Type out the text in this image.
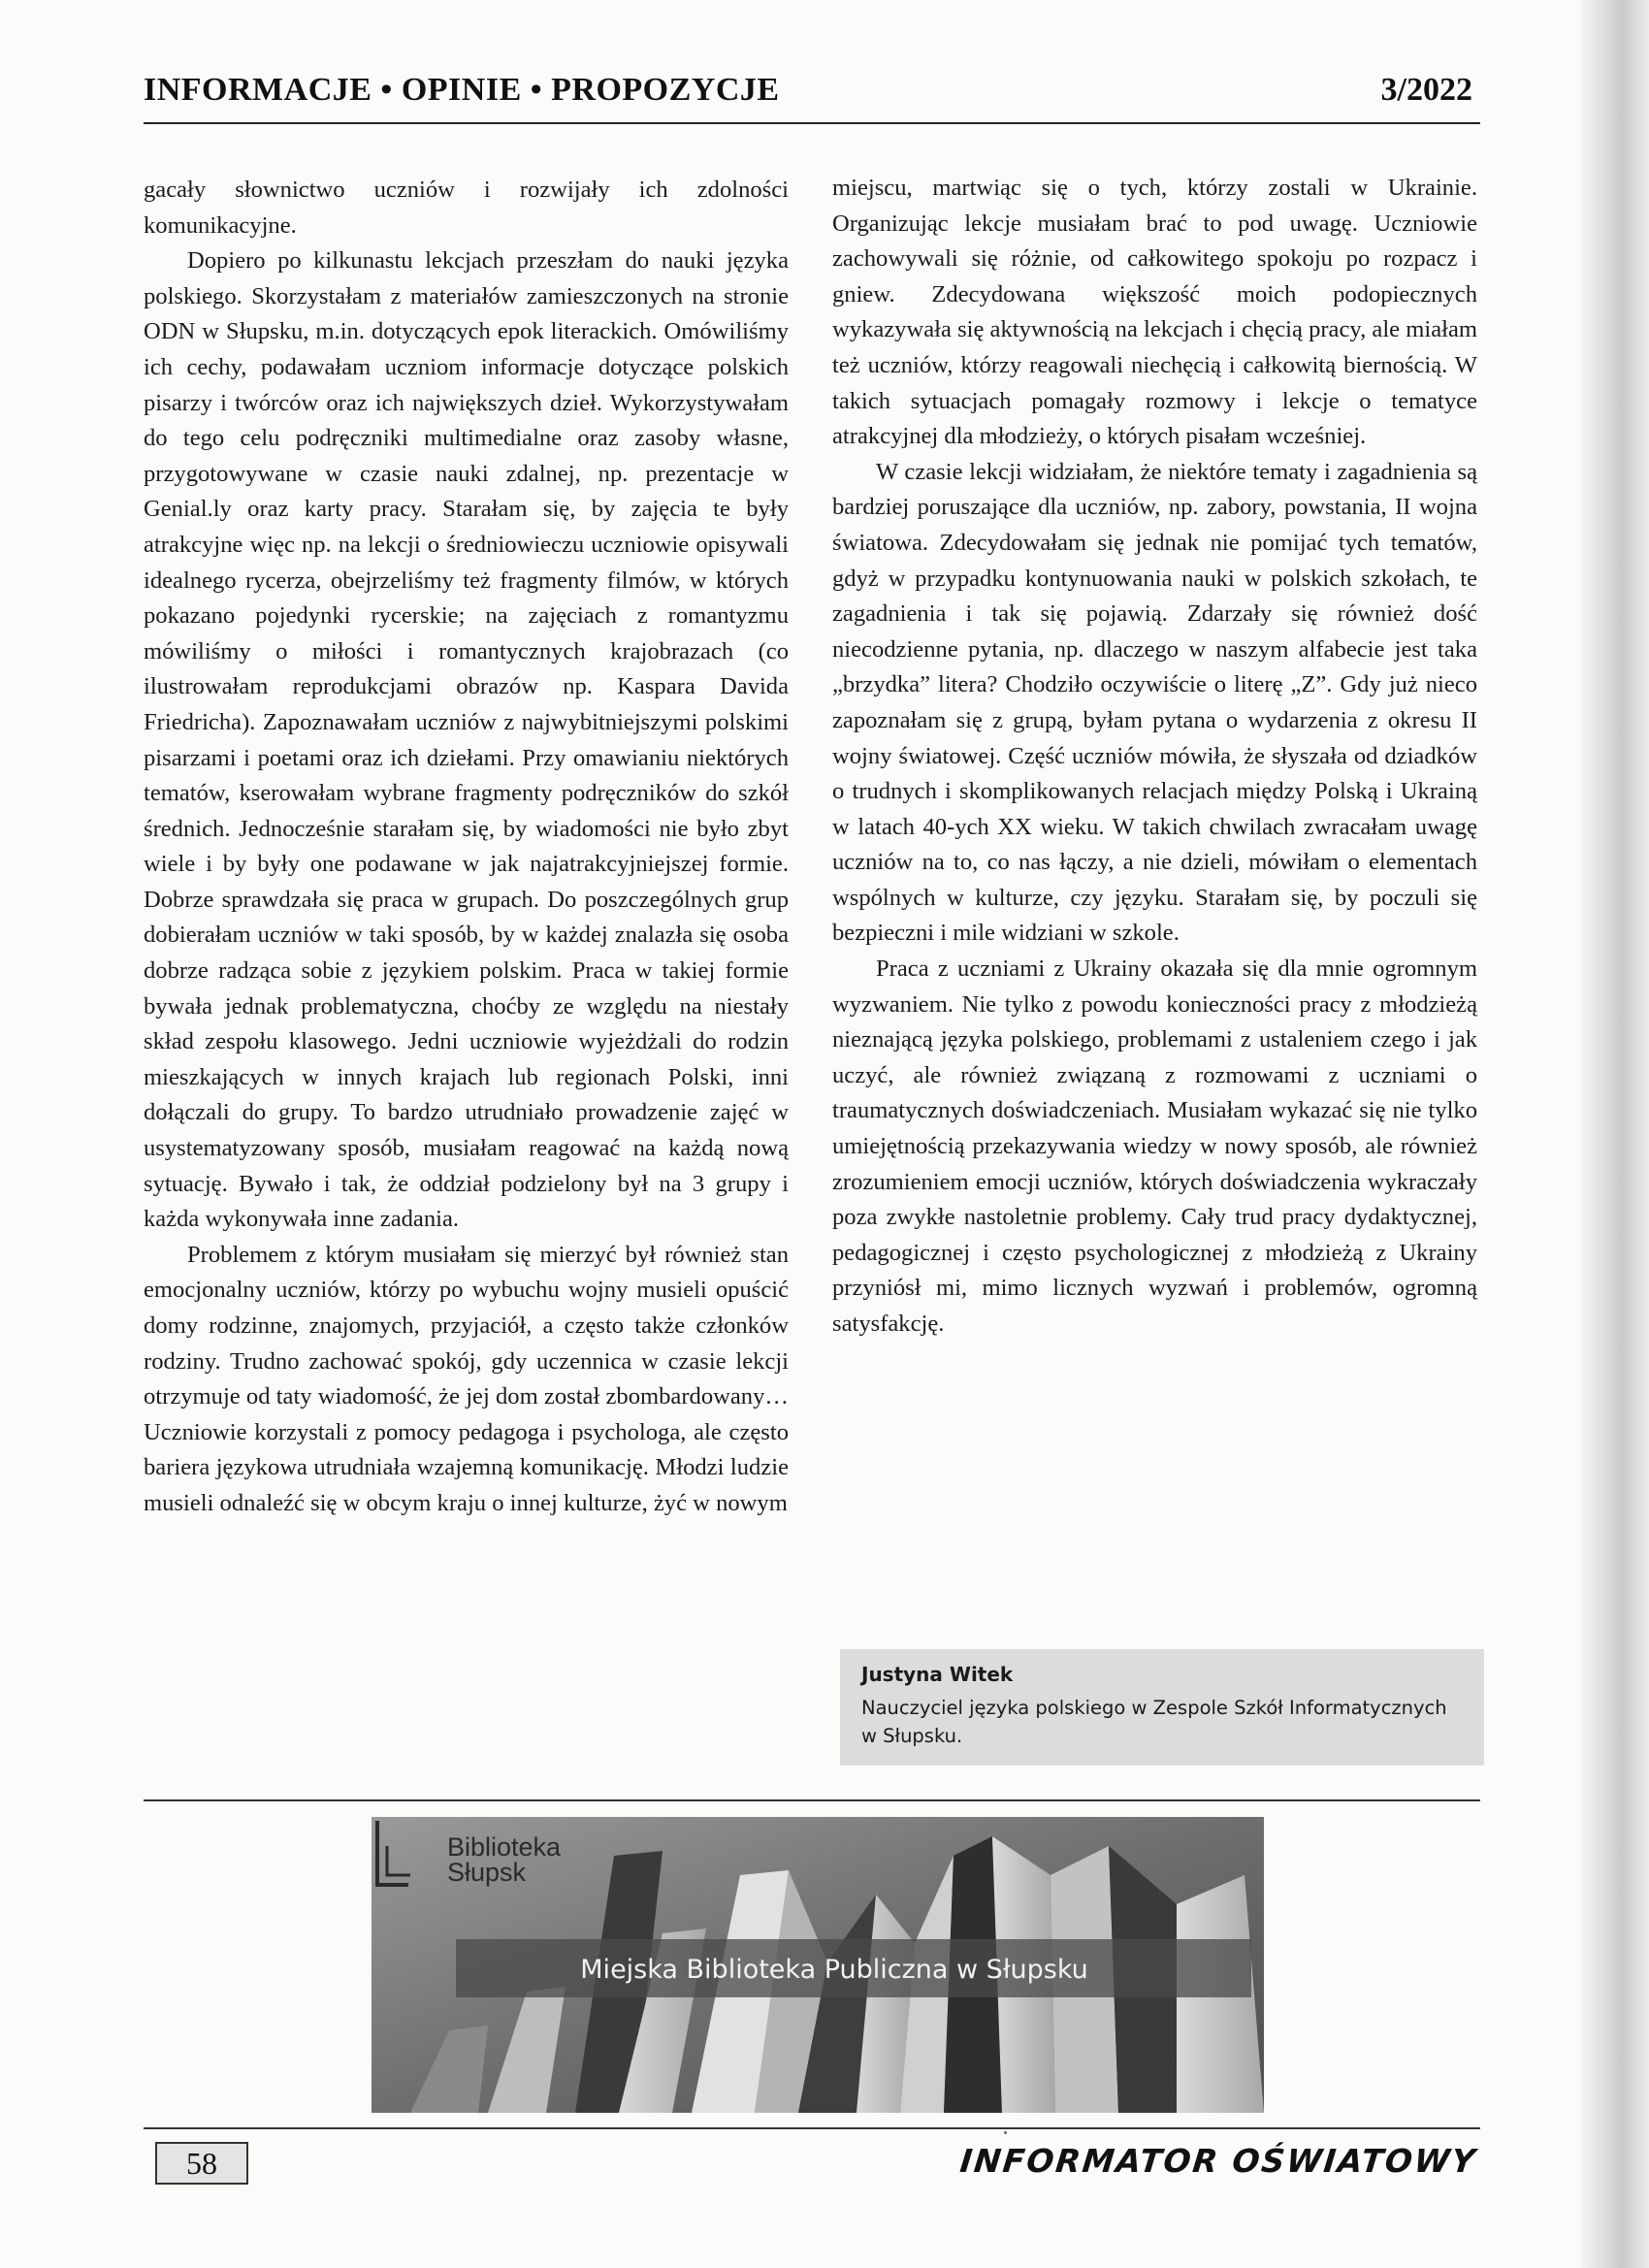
INFORMACJE • OPINIE • PROPOZYCJE	3/2022

gacały słownictwo uczniów i rozwijały ich zdolności komunikacyjne.

Dopiero po kilkunastu lekcjach przeszłam do nauki języka polskiego. Skorzystałam z materiałów zamieszczonych na stronie ODN w Słupsku, m.in. dotyczących epok literackich. Omówiliśmy ich cechy, podawałam uczniom informacje dotyczące polskich pisarzy i twórców oraz ich największych dzieł. Wykorzystywałam do tego celu podręczniki multimedialne oraz zasoby własne, przygotowywane w czasie nauki zdalnej, np. prezentacje w Genial.ly oraz karty pracy. Starałam się, by zajęcia te były atrakcyjne więc np. na lekcji o średniowieczu uczniowie opisywali idealnego rycerza, obejrzeliśmy też fragmenty filmów, w których pokazano pojedynki rycerskie; na zajęciach z romantyzmu mówiliśmy o miłości i romantycznych krajobrazach (co ilustrowałam reprodukcjami obrazów np. Kaspara Davida Friedricha). Zapoznawałam uczniów z najwybitniejszymi polskimi pisarzami i poetami oraz ich dziełami. Przy omawianiu niektórych tematów, kserowałam wybrane fragmenty podręczników do szkół średnich. Jednocześnie starałam się, by wiadomości nie było zbyt wiele i by były one podawane w jak najatrakcyjniejszej formie. Dobrze sprawdzała się praca w grupach. Do poszczególnych grup dobierałam uczniów w taki sposób, by w każdej znalazła się osoba dobrze radząca sobie z językiem polskim. Praca w takiej formie bywała jednak problematyczna, choćby ze względu na niestały skład zespołu klasowego. Jedni uczniowie wyjeżdżali do rodzin mieszkających w innych krajach lub regionach Polski, inni dołączali do grupy. To bardzo utrudniało prowadzenie zajęć w usystematyzowany sposób, musiałam reagować na każdą nową sytuację. Bywało i tak, że oddział podzielony był na 3 grupy i każda wykonywała inne zadania.

Problemem z którym musiałam się mierzyć był również stan emocjonalny uczniów, którzy po wybuchu wojny musieli opuścić domy rodzinne, znajomych, przyjaciół, a często także członków rodziny. Trudno zachować spokój, gdy uczennica w czasie lekcji otrzymuje od taty wiadomość, że jej dom został zbombardowany… Uczniowie korzystali z pomocy pedagoga i psychologa, ale często bariera językowa utrudniała wzajemną komunikację. Młodzi ludzie musieli odnaleźć się w obcym kraju o innej kulturze, żyć w nowym

miejscu, martwiąc się o tych, którzy zostali w Ukrainie. Organizując lekcje musiałam brać to pod uwagę. Uczniowie zachowywali się różnie, od całkowitego spokoju po rozpacz i gniew. Zdecydowana większość moich podopiecznych wykazywała się aktywnością na lekcjach i chęcią pracy, ale miałam też uczniów, którzy reagowali niechęcią i całkowitą biernością. W takich sytuacjach pomagały rozmowy i lekcje o tematyce atrakcyjnej dla młodzieży, o których pisałam wcześniej.

W czasie lekcji widziałam, że niektóre tematy i zagadnienia są bardziej poruszające dla uczniów, np. zabory, powstania, II wojna światowa. Zdecydowałam się jednak nie pomijać tych tematów, gdyż w przypadku kontynuowania nauki w polskich szkołach, te zagadnienia i tak się pojawią. Zdarzały się również dość niecodzienne pytania, np. dlaczego w naszym alfabecie jest taka „brzydka” litera? Chodziło oczywiście o literę „Z”. Gdy już nieco zapoznałam się z grupą, byłam pytana o wydarzenia z okresu II wojny światowej. Część uczniów mówiła, że słyszała od dziadków o trudnych i skomplikowanych relacjach między Polską i Ukrainą w latach 40-ych XX wieku. W takich chwilach zwracałam uwagę uczniów na to, co nas łączy, a nie dzieli, mówiłam o elementach wspólnych w kulturze, czy języku. Starałam się, by poczuli się bezpieczni i mile widziani w szkole.

Praca z uczniami z Ukrainy okazała się dla mnie ogromnym wyzwaniem. Nie tylko z powodu konieczności pracy z młodzieżą nieznającą języka polskiego, problemami z ustaleniem czego i jak uczyć, ale również związaną z rozmowami z uczniami o traumatycznych doświadczeniach. Musiałam wykazać się nie tylko umiejętnością przekazywania wiedzy w nowy sposób, ale również zrozumieniem emocji uczniów, których doświadczenia wykraczały poza zwykłe nastoletnie problemy. Cały trud pracy dydaktycznej, pedagogicznej i często psychologicznej z młodzieżą z Ukrainy przyniósł mi, mimo licznych wyzwań i problemów, ogromną satysfakcję.

Justyna Witek
Nauczyciel języka polskiego w Zespole Szkół Informatycznych w Słupsku.
Biblioteka
Słupsk
Miejska Biblioteka Publiczna w Słupsku
58	INFORMATOR OŚWIATOWY
